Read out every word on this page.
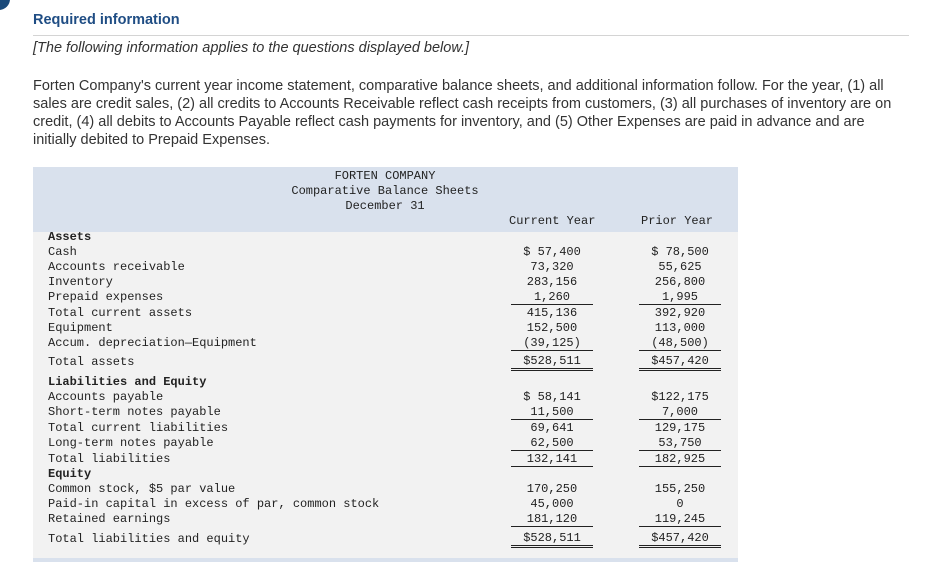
Required information
[The following information applies to the questions displayed below.]
Forten Company's current year income statement, comparative balance sheets, and additional information follow. For the year, (1) all sales are credit sales, (2) all credits to Accounts Receivable reflect cash receipts from customers, (3) all purchases of inventory are on credit, (4) all debits to Accounts Payable reflect cash payments for inventory, and (5) Other Expenses are paid in advance and are initially debited to Prepaid Expenses.
FORTEN COMPANY
Comparative Balance Sheets
December 31
Current Year	Prior Year
Assets
Cash	$ 57,400	$ 78,500
Accounts receivable	73,320	55,625
Inventory	283,156	256,800
Prepaid expenses	1,260	1,995
Total current assets	415,136	392,920
Equipment	152,500	113,000
Accum. depreciation—Equipment	(39,125)	(48,500)
Total assets	$528,511	$457,420
Liabilities and Equity
Accounts payable	$ 58,141	$122,175
Short-term notes payable	11,500	7,000
Total current liabilities	69,641	129,175
Long-term notes payable	62,500	53,750
Total liabilities	132,141	182,925
Equity
Common stock, $5 par value	170,250	155,250
Paid-in capital in excess of par, common stock	45,000	0
Retained earnings	181,120	119,245
Total liabilities and equity	$528,511	$457,420
